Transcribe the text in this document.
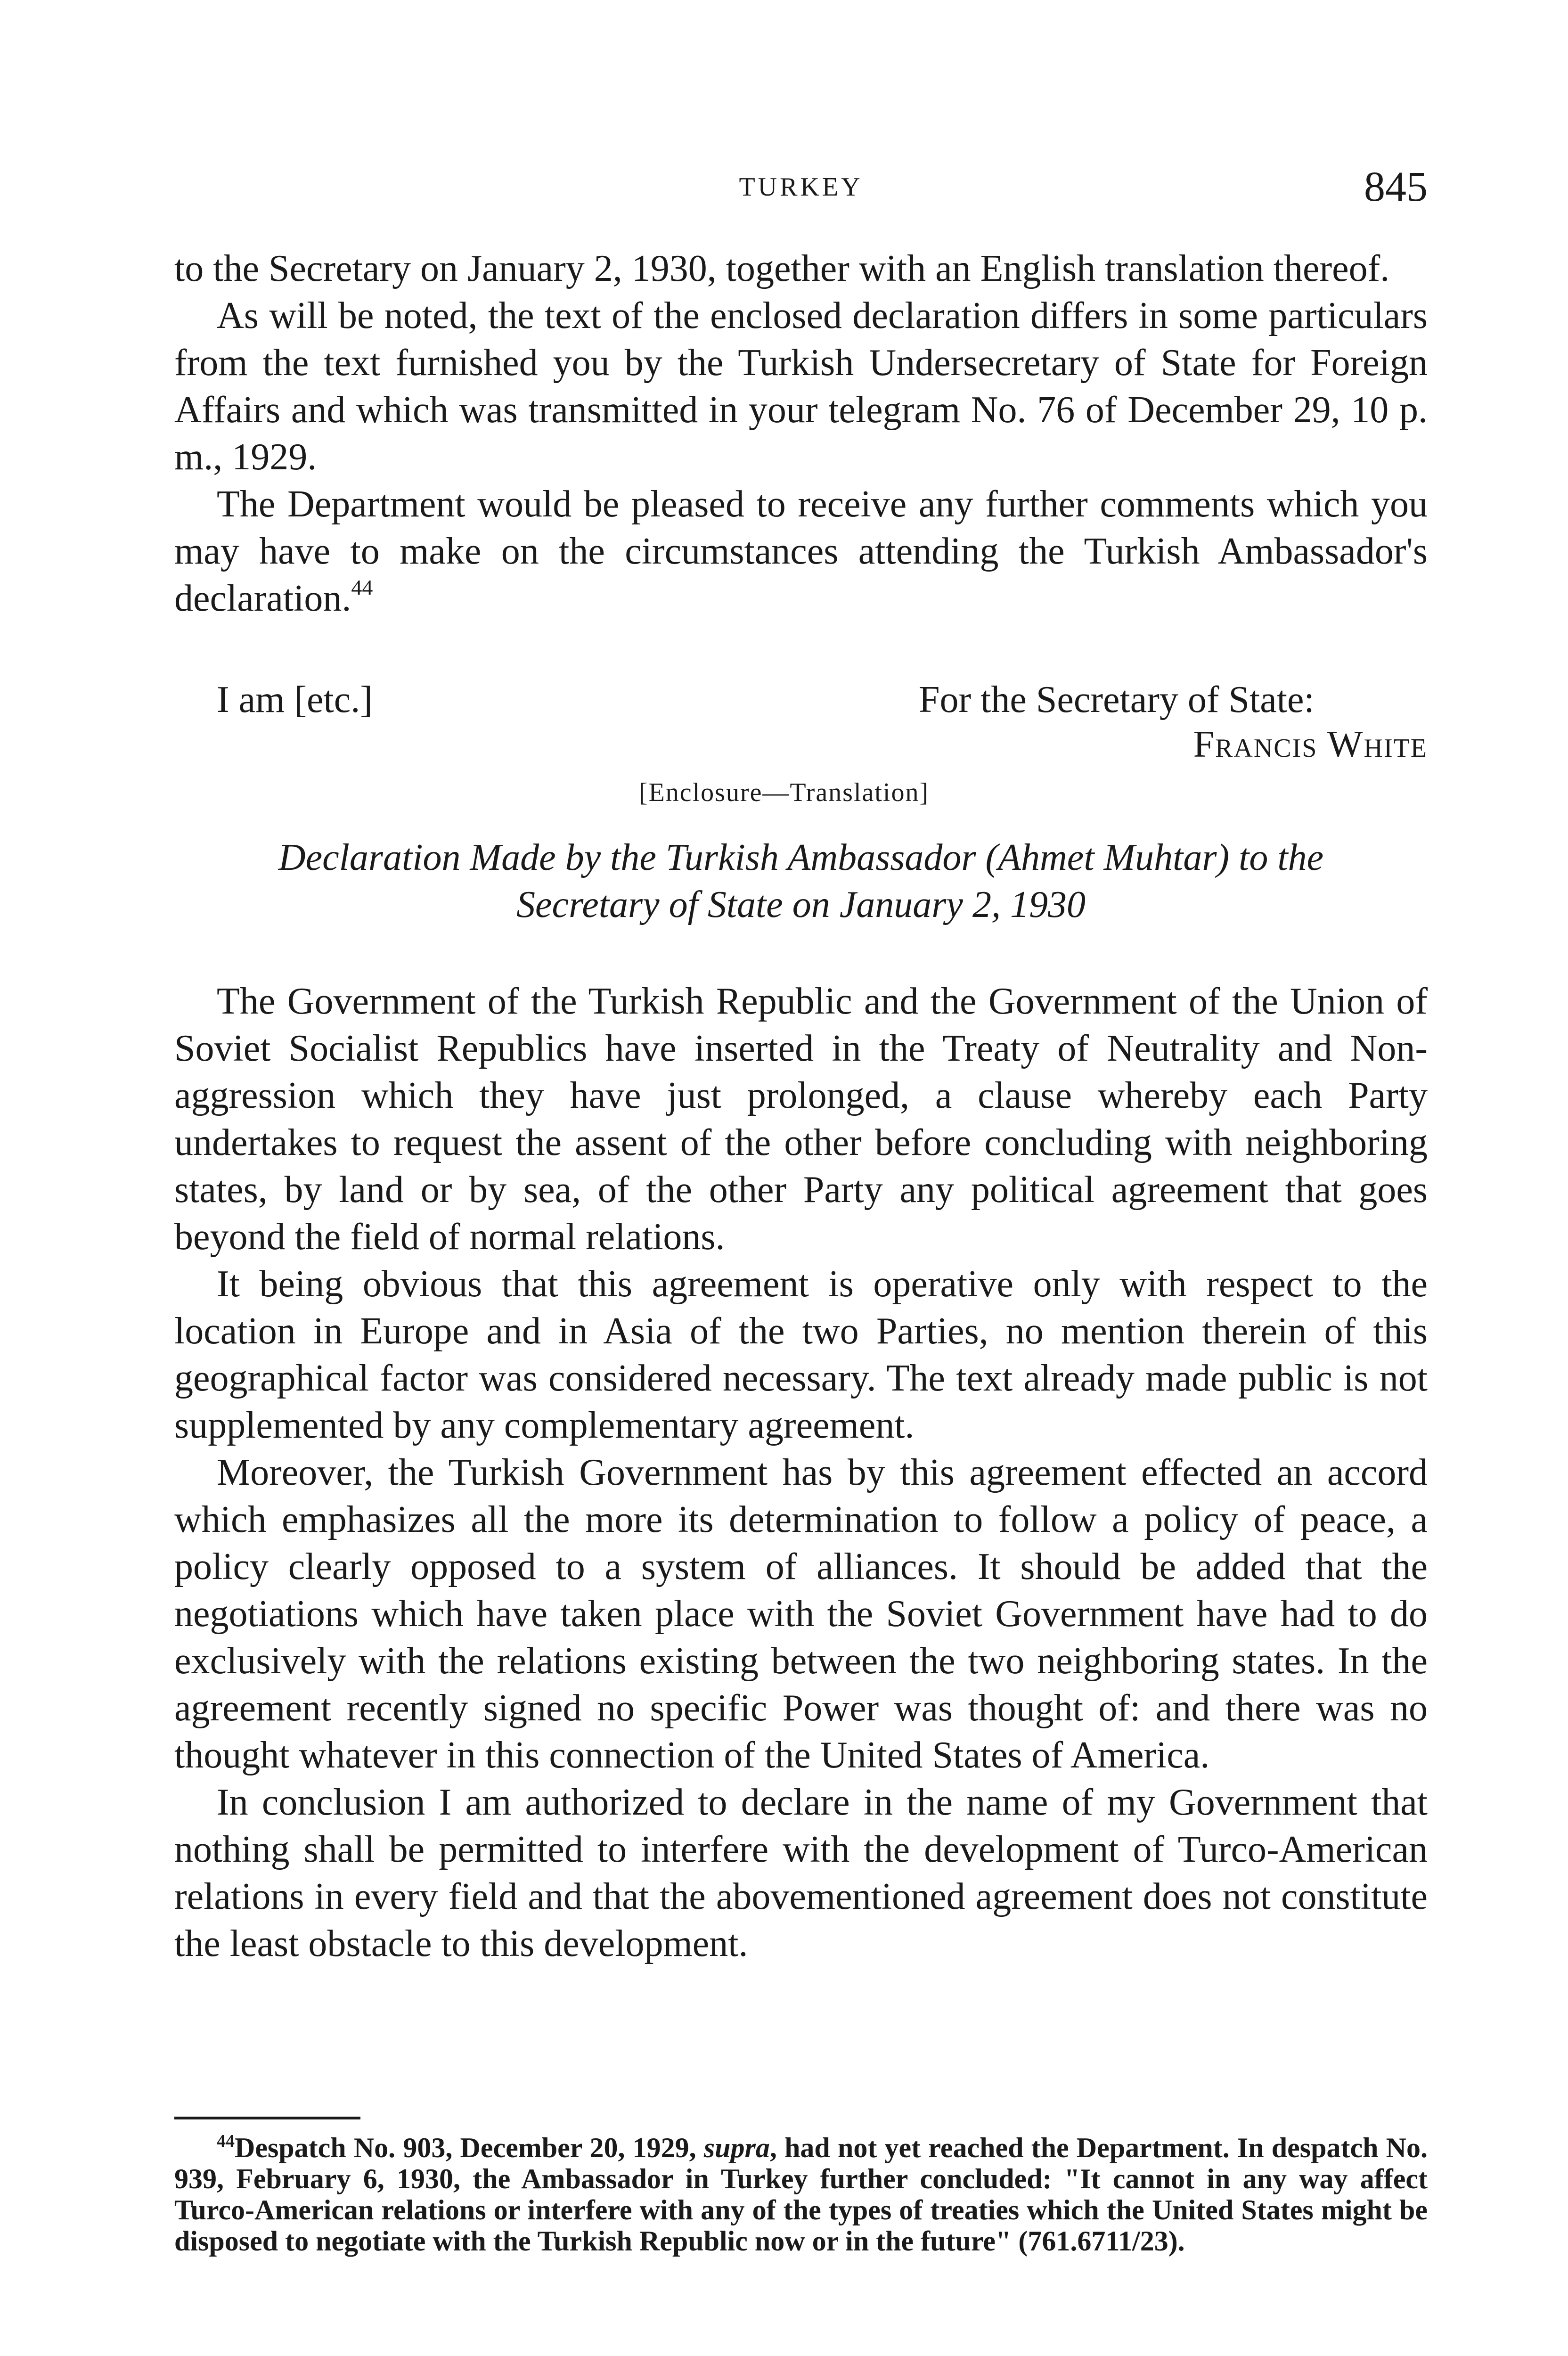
TURKEY	845

to the Secretary on January 2, 1930, together with an English translation thereof.

As will be noted, the text of the enclosed declaration differs in some particulars from the text furnished you by the Turkish Undersecretary of State for Foreign Affairs and which was transmitted in your telegram No. 76 of December 29, 10 p. m., 1929.

The Department would be pleased to receive any further comments which you may have to make on the circumstances attending the Turkish Ambassador's declaration.$^{44}$

I am [etc.]	For the Secretary of State:
Francis White
[Enclosure—Translation]
Declaration Made by the Turkish Ambassador (Ahmet Muhtar) to the
Secretary of State on January 2, 1930

The Government of the Turkish Republic and the Government of the Union of Soviet Socialist Republics have inserted in the Treaty of Neutrality and Non-aggression which they have just prolonged, a clause whereby each Party undertakes to request the assent of the other before concluding with neighboring states, by land or by sea, of the other Party any political agreement that goes beyond the field of normal relations.

It being obvious that this agreement is operative only with respect to the location in Europe and in Asia of the two Parties, no mention therein of this geographical factor was considered necessary. The text already made public is not supplemented by any complementary agreement.

Moreover, the Turkish Government has by this agreement effected an accord which emphasizes all the more its determination to follow a policy of peace, a policy clearly opposed to a system of alliances. It should be added that the negotiations which have taken place with the Soviet Government have had to do exclusively with the relations existing between the two neighboring states. In the agreement recently signed no specific Power was thought of: and there was no thought whatever in this connection of the United States of America.

In conclusion I am authorized to declare in the name of my Government that nothing shall be permitted to interfere with the development of Turco-American relations in every field and that the abovementioned agreement does not constitute the least obstacle to this development.

$^{44}$Despatch No. 903, December 20, 1929, supra, had not yet reached the Department. In despatch No. 939, February 6, 1930, the Ambassador in Turkey further concluded: "It cannot in any way affect Turco-American relations or interfere with any of the types of treaties which the United States might be disposed to negotiate with the Turkish Republic now or in the future" (761.6711/23).
